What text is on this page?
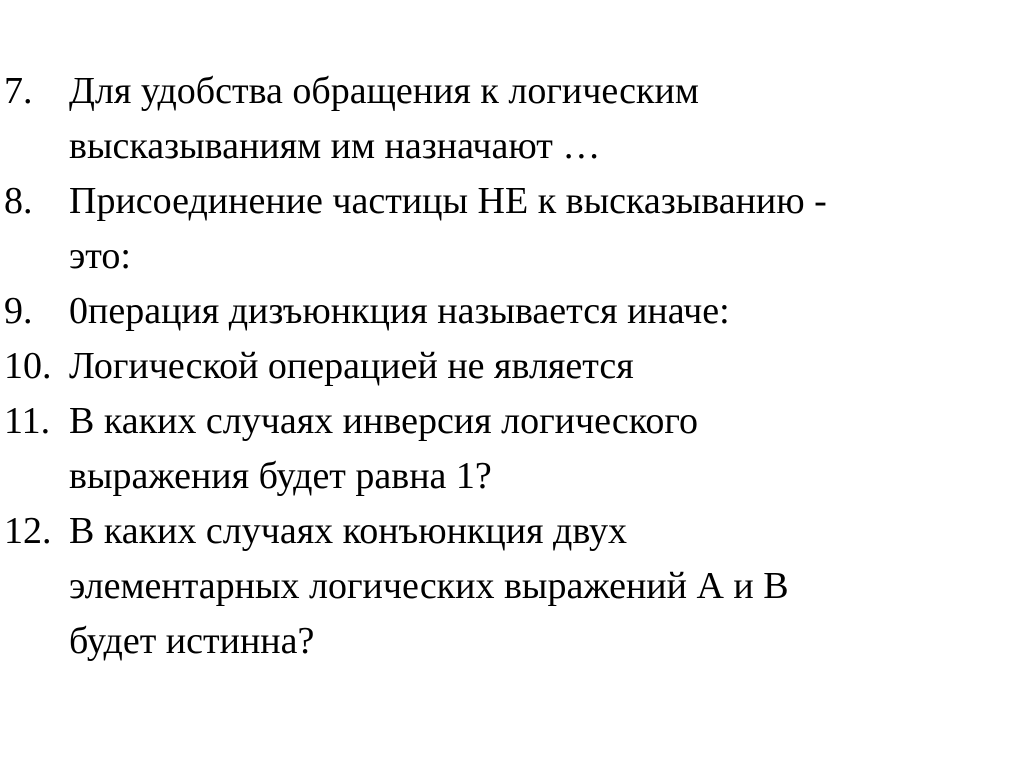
7. Для удобства обращения к логическим
высказываниям им назначают …
8. Присоединение частицы НЕ к высказыванию -
это:
9. 0перация дизъюнкция называется иначе:
10. Логической операцией не является
11. В каких случаях инверсия логического
выражения будет равна 1?
12. В каких случаях конъюнкция двух
элементарных логических выражений А и В
будет истинна?
